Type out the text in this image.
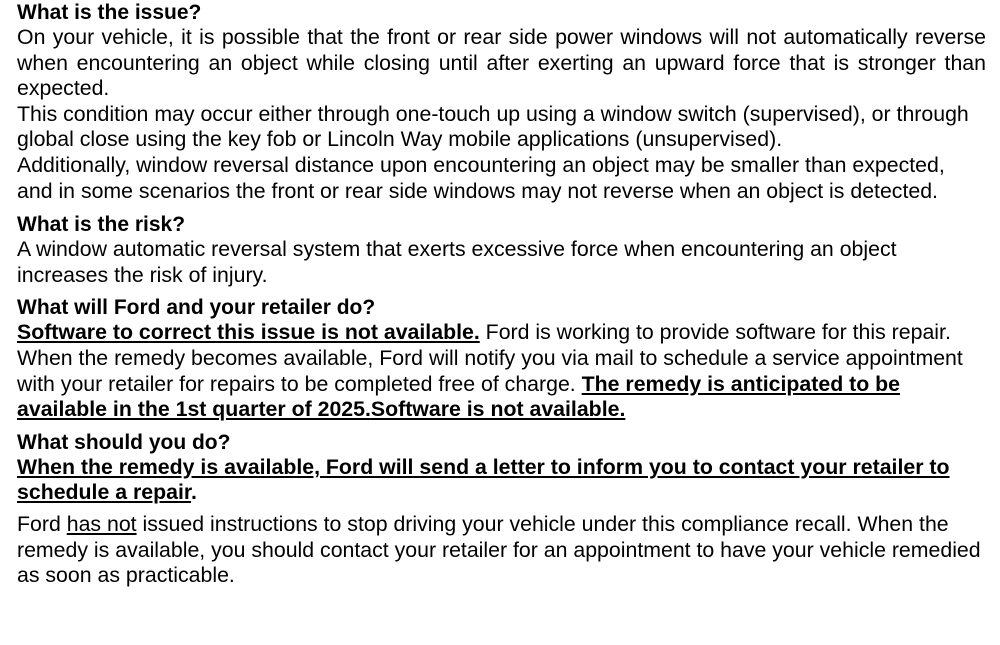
What is the issue?

On your vehicle, it is possible that the front or rear side power windows will not automatically reverse when encountering an object while closing until after exerting an upward force that is stronger than expected.

This condition may occur either through one-touch up using a window switch (supervised), or through global close using the key fob or Lincoln Way mobile applications (unsupervised).

Additionally, window reversal distance upon encountering an object may be smaller than expected, and in some scenarios the front or rear side windows may not reverse when an object is detected.

What is the risk?

A window automatic reversal system that exerts excessive force when encountering an object increases the risk of injury.

What will Ford and your retailer do?

Software to correct this issue is not available. Ford is working to provide software for this repair. When the remedy becomes available, Ford will notify you via mail to schedule a service appointment with your retailer for repairs to be completed free of charge. The remedy is anticipated to be available in the 1st quarter of 2025.Software is not available.

What should you do?

When the remedy is available, Ford will send a letter to inform you to contact your retailer to schedule a repair.

Ford has not issued instructions to stop driving your vehicle under this compliance recall. When the remedy is available, you should contact your retailer for an appointment to have your vehicle remedied as soon as practicable.
